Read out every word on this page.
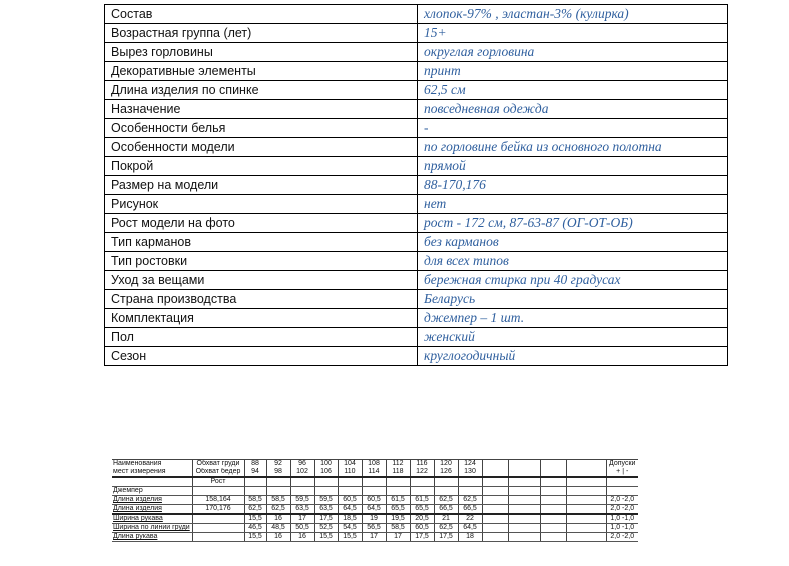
Состав	хлопок-97% , эластан-3% (кулирка)
Возрастная группа (лет)	15+
Вырез горловины	округлая горловина
Декоративные элементы	принт
Длина изделия по спинке	62,5 см
Назначение	повседневная одежда
Особенности белья	-
Особенности модели	по горловине бейка из основного полотна
Покрой	прямой
Размер на модели	88-170,176
Рисунок	нет
Рост модели на фото	рост - 172 см, 87-63-87 (ОГ-ОТ-ОБ)
Тип карманов	без карманов
Тип ростовки	для всех типов
Уход за вещами	бережная стирка при 40 градусах
Страна производства	Беларусь
Комплектация	джемпер – 1 шт.
Пол	женский
Сезон	круглогодичный
Наименования	Обхват груди	88	92	96	100	104	108	112	116	120	124					Допуски
мест измерения	Обхват бедер	94	98	102	106	110	114	118	122	126	130					+ | -
	Рост															
Джемпер																
Длина изделия	158,164	58,5	58,5	59,5	59,5	60,5	60,5	61,5	61,5	62,5	62,5					2,0 -2,0
Длина изделия	170,176	62,5	62,5	63,5	63,5	64,5	64,5	65,5	65,5	66,5	66,5					2,0 -2,0
Ширина рукава		15,5	16	17	17,5	18,5	19	19,5	20,5	21	22					1,0 -1,0
Ширина по линии груди		46,5	48,5	50,5	52,5	54,5	56,5	58,5	60,5	62,5	64,5					1,0 -1,0
Длина рукава		15,5	16	16	15,5	15,5	17	17	17,5	17,5	18					2,0 -2,0
